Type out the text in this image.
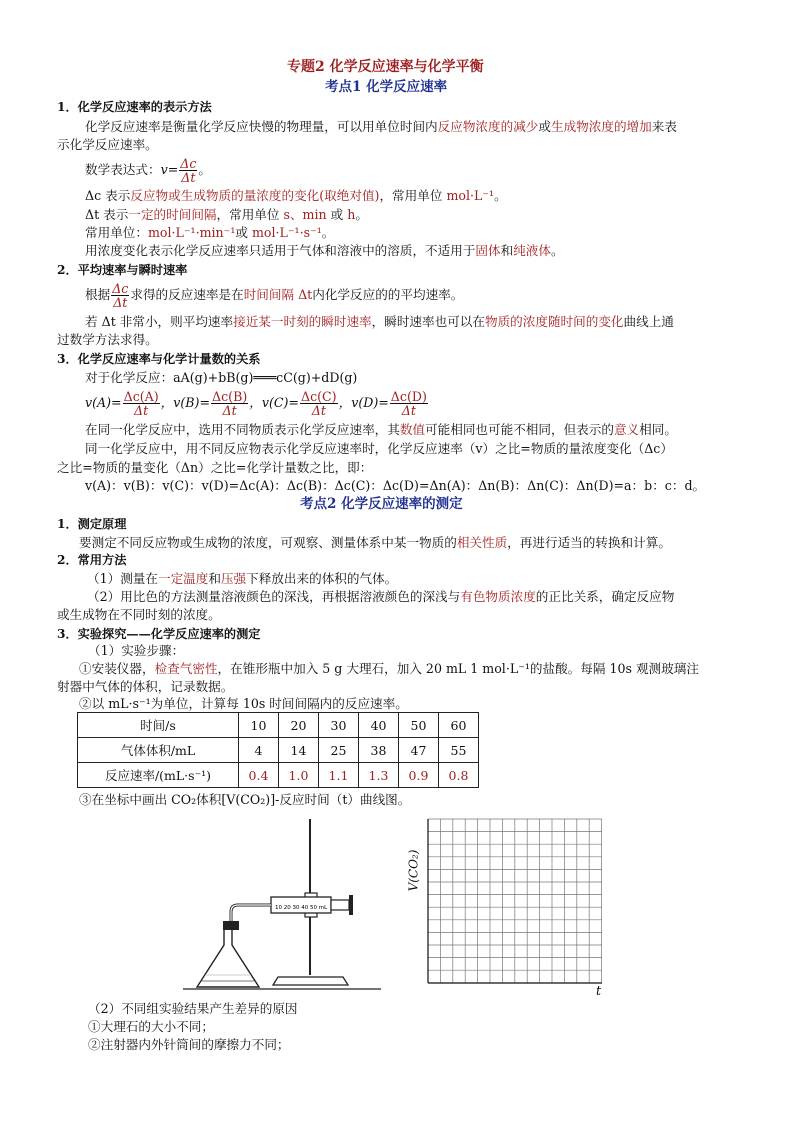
专题2 化学反应速率与化学平衡
考点1 化学反应速率
1．化学反应速率的表示方法
化学反应速率是衡量化学反应快慢的物理量，可以用单位时间内反应物浓度的减少或生成物浓度的增加来表
示化学反应速率。
数学表达式：$v= \frac{\Delta c}{\Delta t}$ 。
Δc 表示反应物或生成物质的量浓度的变化(取绝对值)，常用单位 mol·L⁻¹。
Δt 表示一定的时间间隔，常用单位 s、min 或 h。
常用单位：mol·L⁻¹·min⁻¹或 mol·L⁻¹·s⁻¹。
用浓度变化表示化学反应速率只适用于气体和溶液中的溶质，不适用于固体和纯液体。
2．平均速率与瞬时速率
根据 $\frac{\Delta c}{\Delta t}$ 求得的反应速率是在时间间隔 Δt内化学反应的的平均速率。
若 Δt 非常小，则平均速率接近某一时刻的瞬时速率，瞬时速率也可以在物质的浓度随时间的变化曲线上通
过数学方法求得。
3．化学反应速率与化学计量数的关系
对于化学反应：aA(g)+bB(g)═══cC(g)+dD(g)
$v(A)= \frac{\Delta c(A)}{\Delta t}$ ，$v(B)= \frac{\Delta c(B)}{\Delta t}$ ，$v(C)= \frac{\Delta c(C)}{\Delta t}$ ，$v(D)= \frac{\Delta c(D)}{\Delta t}$
在同一化学反应中，选用不同物质表示化学反应速率，其数值可能相同也可能不相同，但表示的意义相同。
同一化学反应中，用不同反应物表示化学反应速率时，化学反应速率（v）之比=物质的量浓度变化（Δc）
之比=物质的量变化（Δn）之比=化学计量数之比，即：
v(A)：v(B)：v(C)：v(D)=Δc(A)：Δc(B)：Δc(C)：Δc(D)=Δn(A)：Δn(B)：Δn(C)：Δn(D)=a：b：c：d。
考点2 化学反应速率的测定
1．测定原理
要测定不同反应物或生成物的浓度，可观察、测量体系中某一物质的相关性质，再进行适当的转换和计算。
2．常用方法
（1）测量在一定温度和压强下释放出来的体积的气体。
（2）用比色的方法测量溶液颜色的深浅，再根据溶液颜色的深浅与有色物质浓度的正比关系，确定反应物
或生成物在不同时刻的浓度。
3．实验探究——化学反应速率的测定
（1）实验步骤：
①安装仪器，检查气密性，在锥形瓶中加入 5 g 大理石，加入 20 mL 1 mol·L⁻¹的盐酸。每隔 10s 观测玻璃注
射器中气体的体积，记录数据。
②以 mL·s⁻¹为单位，计算每 10s 时间间隔内的反应速率。
时间/s	10	20	30	40	50	60
气体体积/mL	4	14	25	38	47	55
反应速率/(mL·s⁻¹)	0.4	1.0	1.1	1.3	0.9	0.8
③在坐标中画出 CO₂体积[V(CO₂)]-反应时间（t）曲线图。
10 20 30 40 50 mL
V(CO₂)
t
（2）不同组实验结果产生差异的原因
①大理石的大小不同；
②注射器内外针筒间的摩擦力不同；
